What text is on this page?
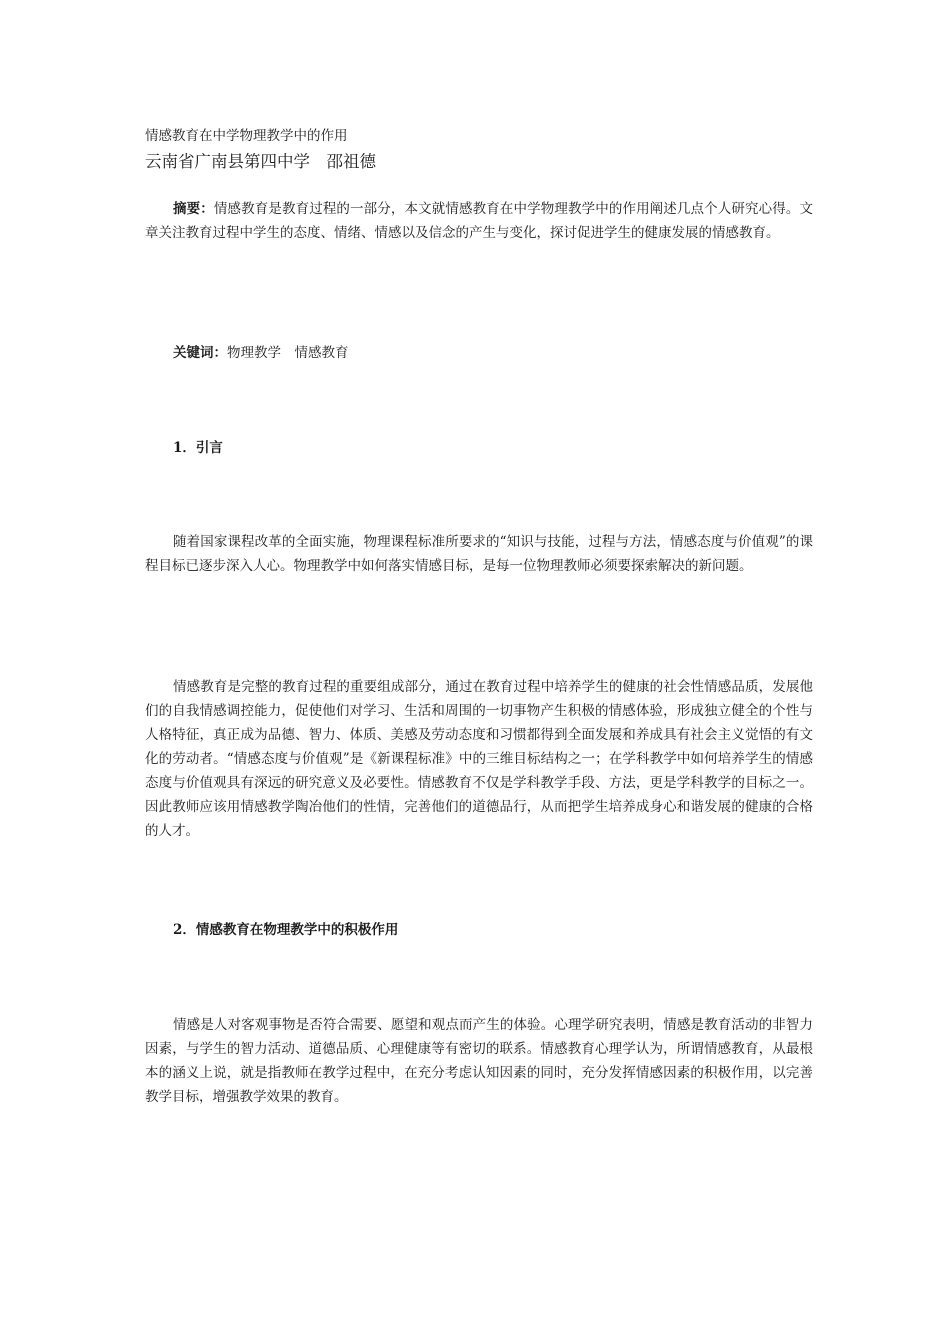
情感教育在中学物理教学中的作用
云南省广南县第四中学　邵祖德
摘要：情感教育是教育过程的一部分，本文就情感教育在中学物理教学中的作用阐述几点个人研究心得。文章关注教育过程中学生的态度、情绪、情感以及信念的产生与变化，探讨促进学生的健康发展的情感教育。
关键词：物理教学　情感教育
1．引言
随着国家课程改革的全面实施，物理课程标准所要求的“知识与技能，过程与方法，情感态度与价值观”的课程目标已逐步深入人心。物理教学中如何落实情感目标，是每一位物理教师必须要探索解决的新问题。
情感教育是完整的教育过程的重要组成部分，通过在教育过程中培养学生的健康的社会性情感品质，发展他们的自我情感调控能力，促使他们对学习、生活和周围的一切事物产生积极的情感体验，形成独立健全的个性与人格特征，真正成为品德、智力、体质、美感及劳动态度和习惯都得到全面发展和养成具有社会主义觉悟的有文化的劳动者。“情感态度与价值观”是《新课程标准》中的三维目标结构之一；在学科教学中如何培养学生的情感态度与价值观具有深远的研究意义及必要性。情感教育不仅是学科教学手段、方法，更是学科教学的目标之一。因此教师应该用情感教学陶冶他们的性情，完善他们的道德品行，从而把学生培养成身心和谐发展的健康的合格的人才。
2．情感教育在物理教学中的积极作用
情感是人对客观事物是否符合需要、愿望和观点而产生的体验。心理学研究表明，情感是教育活动的非智力因素，与学生的智力活动、道德品质、心理健康等有密切的联系。情感教育心理学认为，所谓情感教育，从最根本的涵义上说，就是指教师在教学过程中，在充分考虑认知因素的同时，充分发挥情感因素的积极作用，以完善教学目标，增强教学效果的教育。
